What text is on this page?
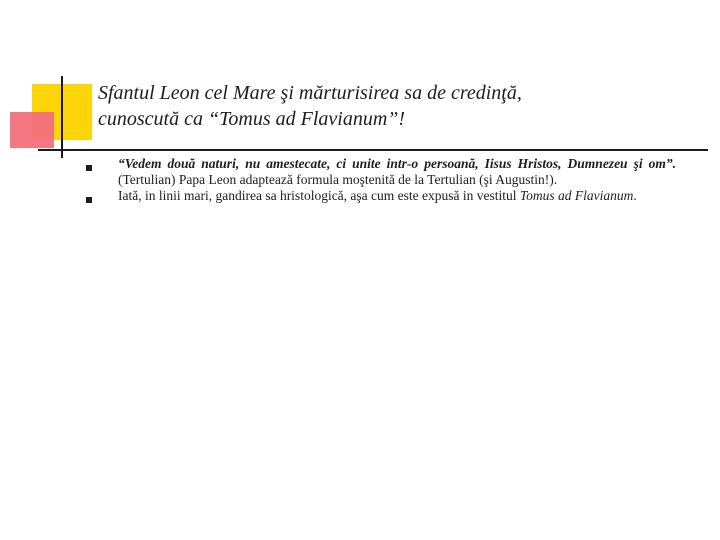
Sfantul Leon cel Mare şi mărturisirea sa de credinţă,
cunoscută ca “Tomus ad Flavianum”!
“Vedem două naturi, nu amestecate, ci unite intr-o persoană, Iisus Hristos, Dumnezeu şi om”. (Tertulian) Papa Leon adaptează formula moştenită de la Tertulian (şi Augustin!).
Iată, in linii mari, gandirea sa hristologică, aşa cum este expusă in vestitul Tomus ad Flavianum.
